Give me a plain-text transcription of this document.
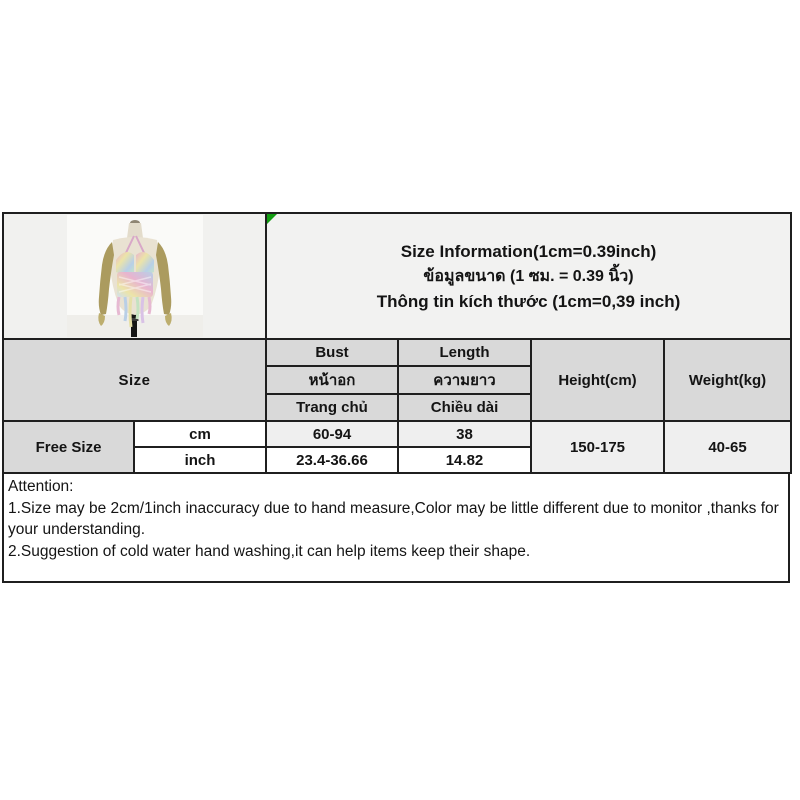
Size Information(1cm=0.39inch)
ข้อมูลขนาด (1 ซม. = 0.39 นิ้ว)
Thông tin kích thước (1cm=0,39 inch)			

Size		Bust	Length	Height(cm)	Weight(kg)
		หน้าอก	ความยาว		
		Trang chủ	Chiều dài		
Free Size	cm	60-94	38	150-175	40-65
	inch	23.4-36.66	14.82		

Attention:

1.Size may be 2cm/1inch inaccuracy due to hand measure,Color may be little different due to monitor ,thanks for your understanding.

2.Suggestion of cold water hand washing,it can help items keep their shape.
